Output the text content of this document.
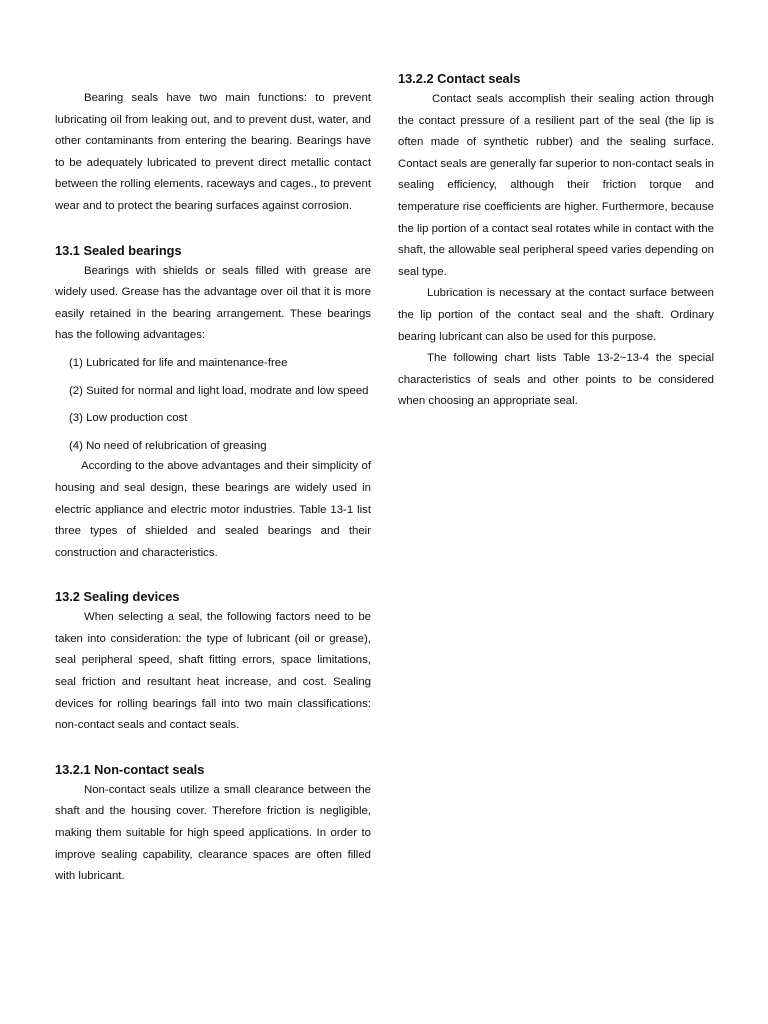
Bearing seals have two main functions: to prevent lubricating oil from leaking out, and to prevent dust, water, and other contaminants from entering the bearing. Bearings have to be adequately lubricated to prevent direct metallic contact between the rolling elements, raceways and cages., to prevent wear and to protect the bearing surfaces against corrosion.

13.1 Sealed bearings

Bearings with shields or seals filled with grease are widely used. Grease has the advantage over oil that it is more easily retained in the bearing arrangement. These bearings has the following advantages:

(1) Lubricated for life and maintenance-free

(2) Suited for normal and light load, modrate and low speed

(3) Low production cost

(4) No need of relubrication of greasing

According to the above advantages and their simplicity of housing and seal design, these bearings are widely used in electric appliance and electric motor industries. Table 13-1 list three types of shielded and sealed bearings and their construction and characteristics.

13.2 Sealing devices

When selecting a seal, the following factors need to be taken into consideration: the type of lubricant (oil or grease), seal peripheral speed, shaft fitting errors, space limitations, seal friction and resultant heat increase, and cost. Sealing devices for rolling bearings fall into two main classifications: non-contact seals and contact seals.

13.2.1 Non-contact seals

Non-contact seals utilize a small clearance between the shaft and the housing cover. Therefore friction is negligible, making them suitable for high speed applications. In order to improve sealing capability, clearance spaces are often filled with lubricant.

13.2.2 Contact seals

Contact seals accomplish their sealing action through the contact pressure of a resilient part of the seal (the lip is often made of synthetic rubber) and the sealing surface. Contact seals are generally far superior to non-contact seals in sealing efficiency, although their friction torque and temperature rise coefficients are higher. Furthermore, because the lip portion of a contact seal rotates while in contact with the shaft, the allowable seal peripheral speed varies depending on seal type.

Lubrication is necessary at the contact surface between the lip portion of the contact seal and the shaft. Ordinary bearing lubricant can also be used for this purpose.

The following chart lists Table 13-2~13-4 the special characteristics of seals and other points to be considered when choosing an appropriate seal.
